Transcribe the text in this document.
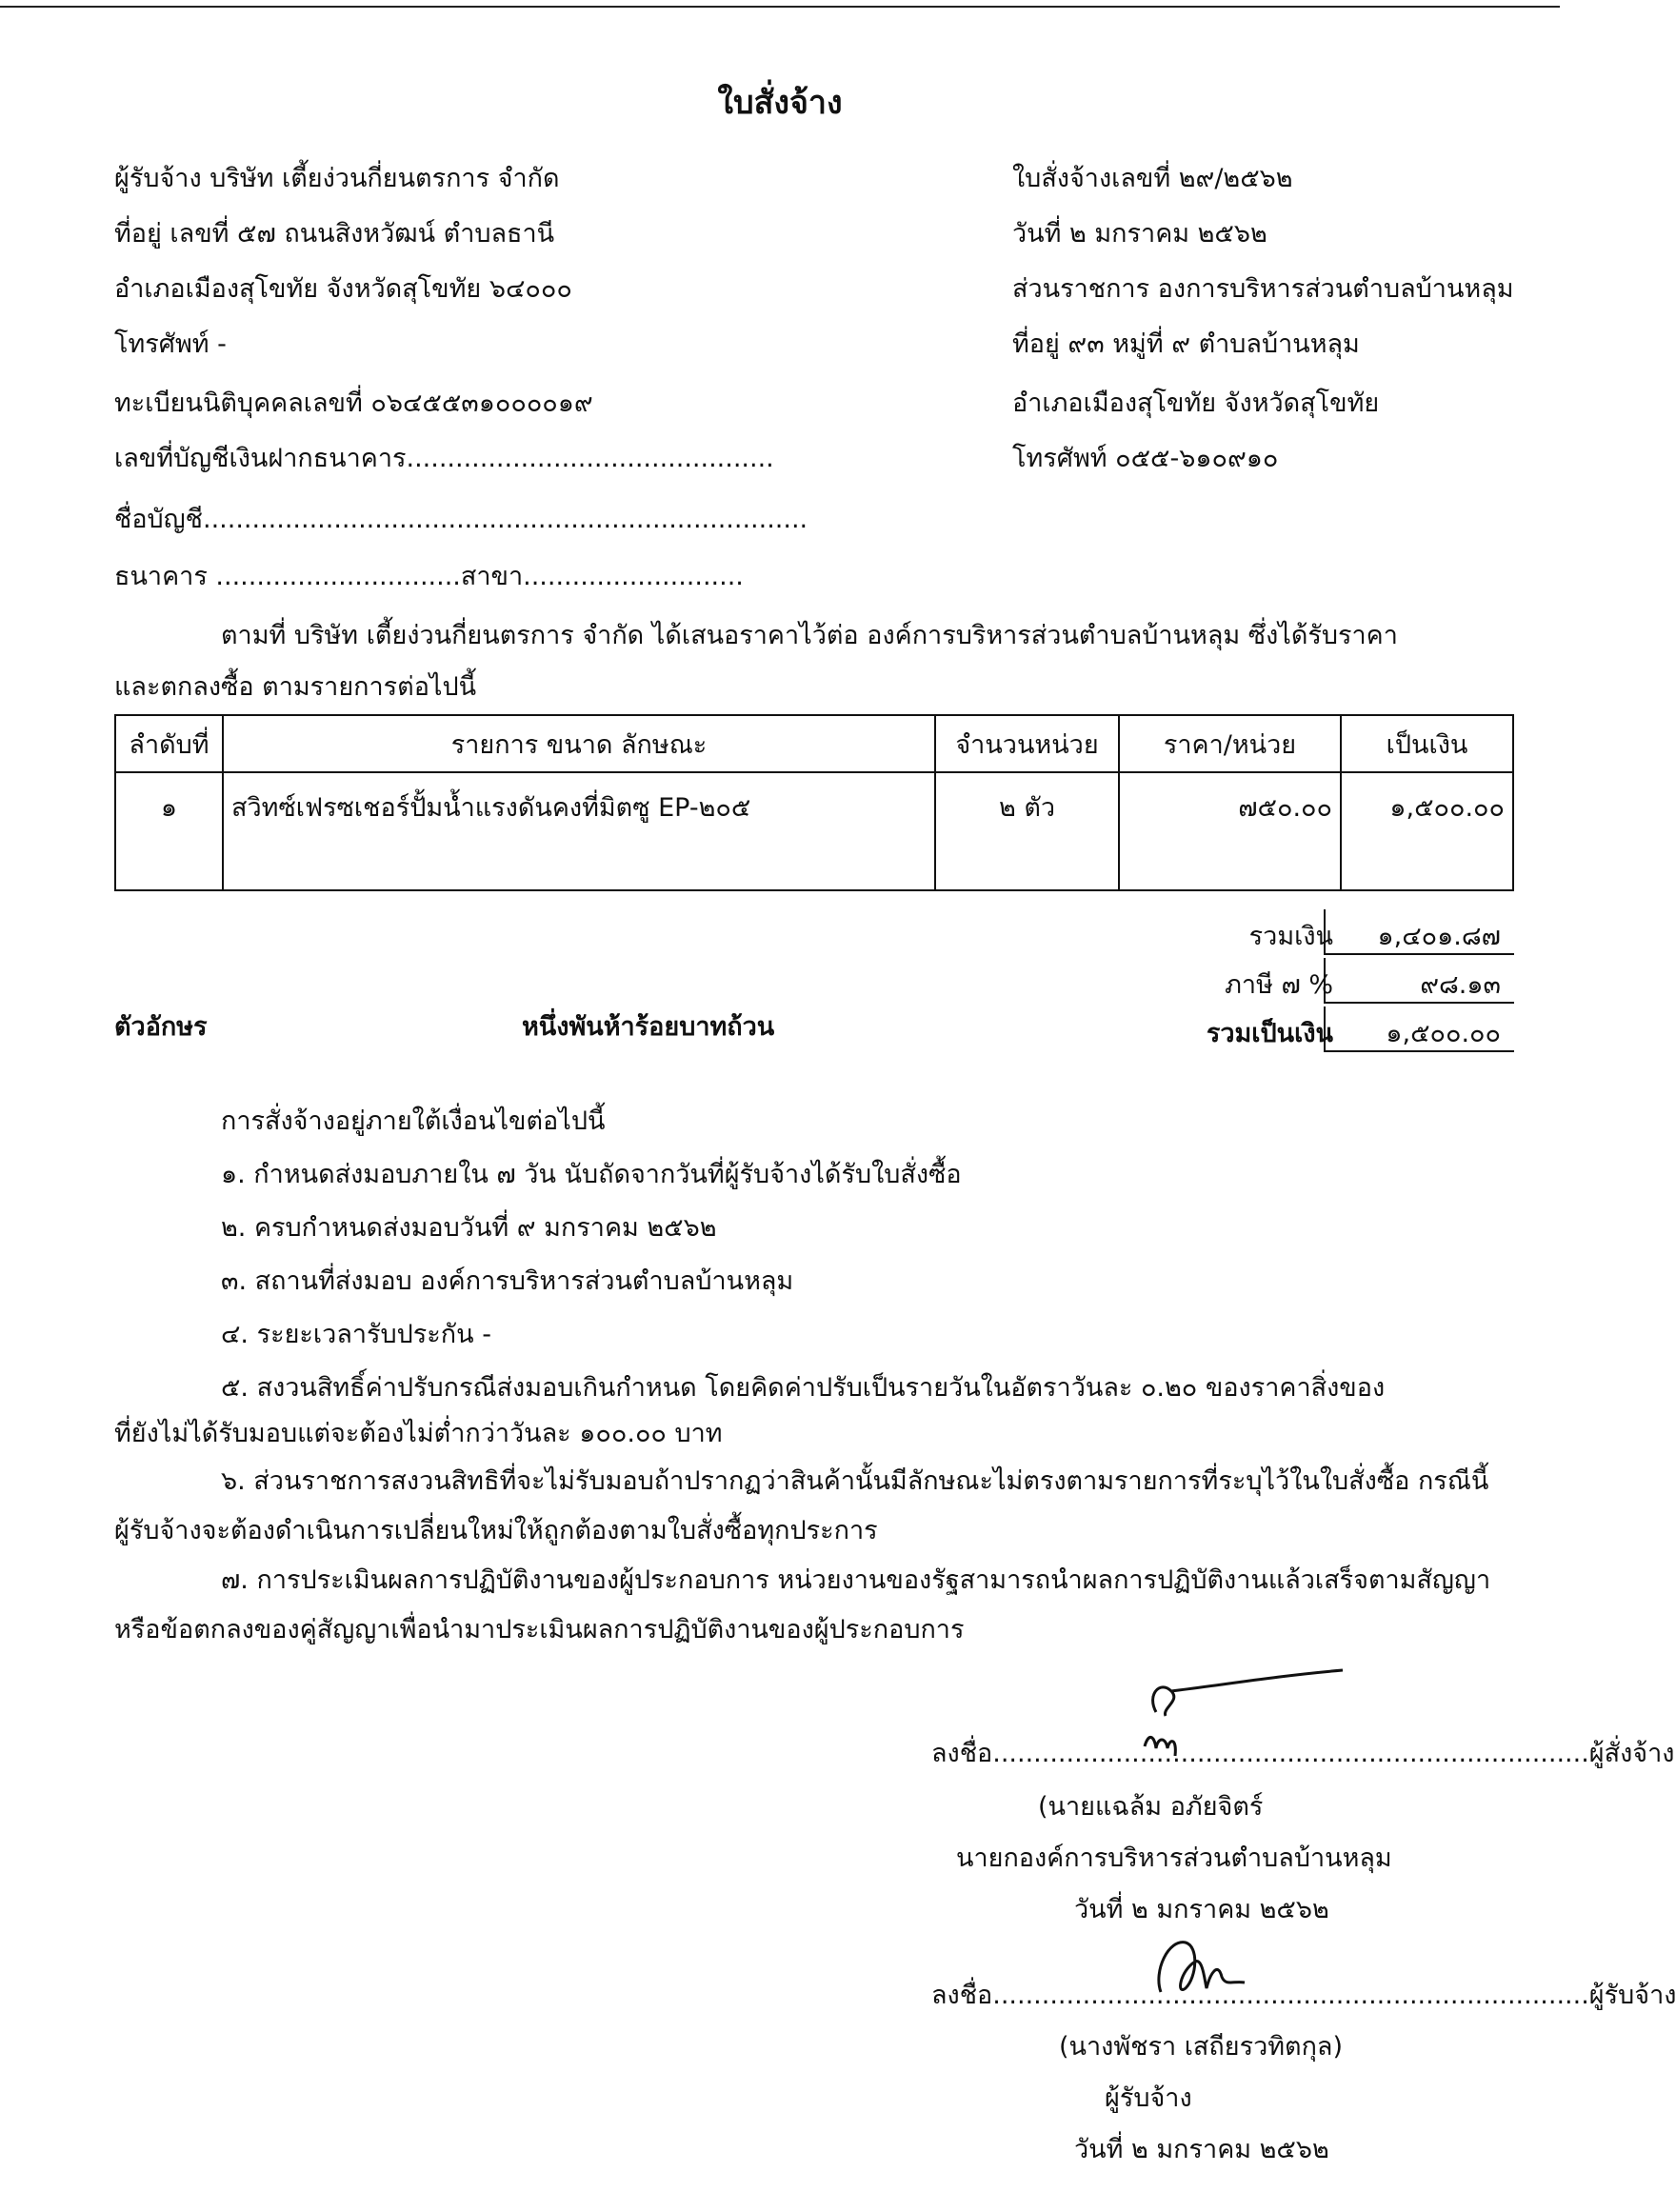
ใบสั่งจ้าง
ผู้รับจ้าง บริษัท เตี้ยง่วนกี่ยนตรการ จำกัด
ที่อยู่ เลขที่ ๕๗ ถนนสิงหวัฒน์ ตำบลธานี
อำเภอเมืองสุโขทัย จังหวัดสุโขทัย ๖๔๐๐๐
โทรศัพท์ -
ทะเบียนนิติบุคคลเลขที่ ๐๖๔๕๕๓๑๐๐๐๐๑๙
เลขที่บัญชีเงินฝากธนาคาร.............................................
ชื่อบัญชี..........................................................................
ธนาคาร ..............................สาขา...........................
ใบสั่งจ้างเลขที่ ๒๙/๒๕๖๒
วันที่ ๒ มกราคม ๒๕๖๒
ส่วนราชการ องการบริหารส่วนตำบลบ้านหลุม
ที่อยู่ ๙๓ หมู่ที่ ๙ ตำบลบ้านหลุม
อำเภอเมืองสุโขทัย จังหวัดสุโขทัย
โทรศัพท์ ๐๕๕-๖๑๐๙๑๐
ตามที่ บริษัท เตี้ยง่วนกี่ยนตรการ จำกัด ได้เสนอราคาไว้ต่อ องค์การบริหารส่วนตำบลบ้านหลุม ซึ่งได้รับราคา
และตกลงซื้อ ตามรายการต่อไปนี้
ลำดับที่	รายการ ขนาด ลักษณะ	จำนวนหน่วย	ราคา/หน่วย	เป็นเงิน
๑	สวิทซ์เฟรซเชอร์ปั้มน้ำแรงดันคงที่มิตซู EP-๒๐๕	๒ ตัว	๗๕๐.๐๐	๑,๕๐๐.๐๐
รวมเงิน	๑,๔๐๑.๘๗
ภาษี ๗ %	๙๘.๑๓
รวมเป็นเงิน	๑,๕๐๐.๐๐
ตัวอักษร	หนึ่งพันห้าร้อยบาทถ้วน
การสั่งจ้างอยู่ภายใต้เงื่อนไขต่อไปนี้
๑. กำหนดส่งมอบภายใน ๗ วัน นับถัดจากวันที่ผู้รับจ้างได้รับใบสั่งซื้อ
๒. ครบกำหนดส่งมอบวันที่ ๙ มกราคม ๒๕๖๒
๓. สถานที่ส่งมอบ องค์การบริหารส่วนตำบลบ้านหลุม
๔. ระยะเวลารับประกัน -
๕. สงวนสิทธิ์ค่าปรับกรณีส่งมอบเกินกำหนด โดยคิดค่าปรับเป็นรายวันในอัตราวันละ ๐.๒๐ ของราคาสิ่งของ
ที่ยังไม่ได้รับมอบแต่จะต้องไม่ต่ำกว่าวันละ ๑๐๐.๐๐ บาท
๖. ส่วนราชการสงวนสิทธิที่จะไม่รับมอบถ้าปรากฏว่าสินค้านั้นมีลักษณะไม่ตรงตามรายการที่ระบุไว้ในใบสั่งซื้อ กรณีนี้
ผู้รับจ้างจะต้องดำเนินการเปลี่ยนใหม่ให้ถูกต้องตามใบสั่งซื้อทุกประการ
๗. การประเมินผลการปฏิบัติงานของผู้ประกอบการ หน่วยงานของรัฐสามารถนำผลการปฏิบัติงานแล้วเสร็จตามสัญญา
หรือข้อตกลงของคู่สัญญาเพื่อนำมาประเมินผลการปฏิบัติงานของผู้ประกอบการ
ลงชื่อ.........................................................................ผู้สั่งจ้าง
(นายแฉล้ม อภัยจิตร์
นายกองค์การบริหารส่วนตำบลบ้านหลุม
วันที่ ๒ มกราคม ๒๕๖๒
ลงชื่อ.........................................................................ผู้รับจ้าง
(นางพัชรา เสถียรวทิตกุล)
ผู้รับจ้าง
วันที่ ๒ มกราคม ๒๕๖๒
